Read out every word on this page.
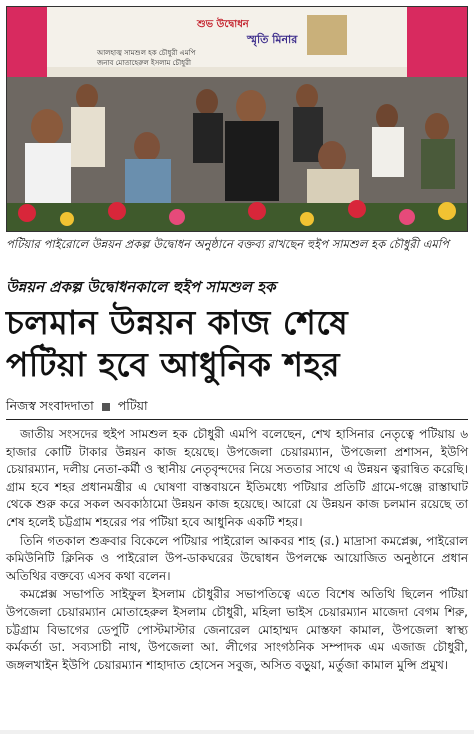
শুভ উদ্বোধন
স্মৃতি মিনার
আলহাজ্ব সামশুল হক চৌধুরী এমপি
জনাব মোতাহেরুল ইসলাম চৌধুরী
পটিয়ার পাইরোলে উন্নয়ন প্রকল্প উদ্বোধন অনুষ্ঠানে বক্তব্য রাখছেন হুইপ সামশুল হক চৌধুরী এমপি
উন্নয়ন প্রকল্প উদ্বোধনকালে হুইপ সামশুল হক
চলমান উন্নয়ন কাজ শেষে
পটিয়া হবে আধুনিক শহর
নিজস্ব সংবাদদাতা পটিয়া

জাতীয় সংসদের হুইপ সামশুল হক চৌধুরী এমপি বলেছেন, শেখ হাসিনার নেতৃত্বে পটিয়ায় ৬ হাজার কোটি টাকার উন্নয়ন কাজ হয়েছে। উপজেলা চেয়ারম্যান, উপজেলা প্রশাসন, ইউপি চেয়ারম্যান, দলীয় নেতা-কর্মী ও স্থানীয় নেতৃবৃন্দদের নিয়ে সততার সাথে এ উন্নয়ন ত্বরান্বিত করেছি। গ্রাম হবে শহর প্রধানমন্ত্রীর এ ঘোষণা বাস্তবায়নে ইতিমধ্যে পটিয়ার প্রতিটি গ্রামে-গঞ্জে রাস্তাঘাট থেকে শুরু করে সকল অবকাঠামো উন্নয়ন কাজ হয়েছে। আরো যে উন্নয়ন কাজ চলমান রয়েছে তা শেষ হলেই চট্টগ্রাম শহরের পর পটিয়া হবে আধুনিক একটি শহর।

তিনি গতকাল শুক্রবার বিকেলে পটিয়ার পাইরোল আকবর শাহ (র.) মাদ্রাসা কমপ্লেক্স, পাইরোল কমিউনিটি ক্লিনিক ও পাইরোল উপ-ডাকঘরের উদ্বোধন উপলক্ষে আয়োজিত অনুষ্ঠানে প্রধান অতিথির বক্তব্যে এসব কথা বলেন।

কমপ্লেক্স সভাপতি সাইফুল ইসলাম চৌধুরীর সভাপতিত্বে এতে বিশেষ অতিথি ছিলেন পটিয়া উপজেলা চেয়ারম্যান মোতাহেরুল ইসলাম চৌধুরী, মহিলা ভাইস চেয়ারম্যান মাজেদা বেগম শিরু, চট্টগ্রাম বিভাগের ডেপুটি পোস্টমাস্টার জেনারেল মোহাম্মদ মোস্তফা কামাল, উপজেলা স্বাস্থ্য কর্মকর্তা ডা. সব্যসাচী নাথ, উপজেলা আ. লীগের সাংগঠনিক সম্পাদক এম এজাজ চৌধুরী, জঙ্গলখাইন ইউপি চেয়ারম্যান শাহাদাত হোসেন সবুজ, অসিত বড়ুয়া, মর্তুজা কামাল মুন্সি প্রমুখ।
